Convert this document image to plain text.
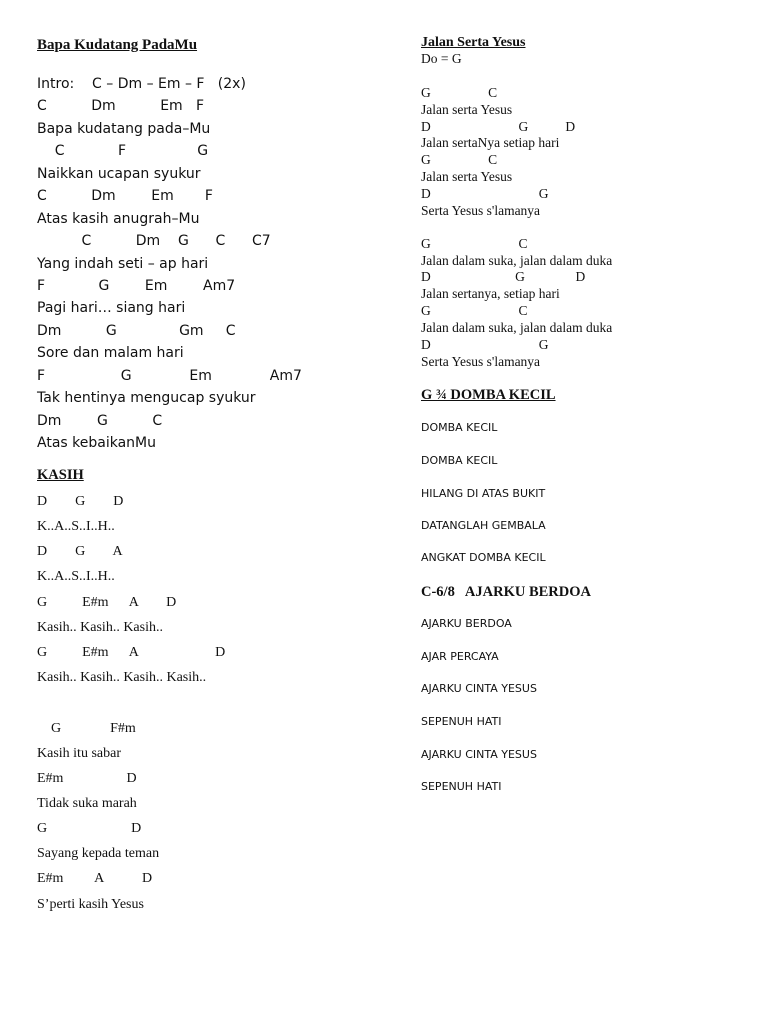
Bapa Kudatang PadaMu
Intro:    C – Dm – Em – F   (2x)
C          Dm          Em   F
Bapa kudatang pada–Mu
C            F                G
Naikkan ucapan syukur
C          Dm        Em       F
Atas kasih anugrah–Mu
C          Dm    G      C      C7
Yang indah seti – ap hari
F            G        Em        Am7
Pagi hari… siang hari
Dm          G              Gm     C
Sore dan malam hari
F                 G             Em             Am7
Tak hentinya mengucap syukur
Dm        G          C
Atas kebaikanMu
KASIH
D        G        D
K..A..S..I..H..
D        G        A
K..A..S..I..H..
G          E#m      A        D
Kasih.. Kasih.. Kasih..
G          E#m      A                      D
Kasih.. Kasih.. Kasih.. Kasih..
G              F#m
Kasih itu sabar
E#m                  D
Tidak suka marah
G                        D
Sayang kepada teman
E#m         A           D
S’perti kasih Yesus
Jalan Serta Yesus
Do = G
G                 C
Jalan serta Yesus
D                          G           D
Jalan sertaNya setiap hari
G                 C
Jalan serta Yesus
D                                G
Serta Yesus s'lamanya
G                          C
Jalan dalam suka, jalan dalam duka
D                         G               D
Jalan sertanya, setiap hari
G                          C
Jalan dalam suka, jalan dalam duka
D                                G
Serta Yesus s'lamanya
G ¾ DOMBA KECIL
DOMBA KECIL
DOMBA KECIL
HILANG DI ATAS BUKIT
DATANGLAH GEMBALA
ANGKAT DOMBA KECIL
C-6/8   AJARKU BERDOA
AJARKU BERDOA
AJAR PERCAYA
AJARKU CINTA YESUS
SEPENUH HATI
AJARKU CINTA YESUS
SEPENUH HATI
